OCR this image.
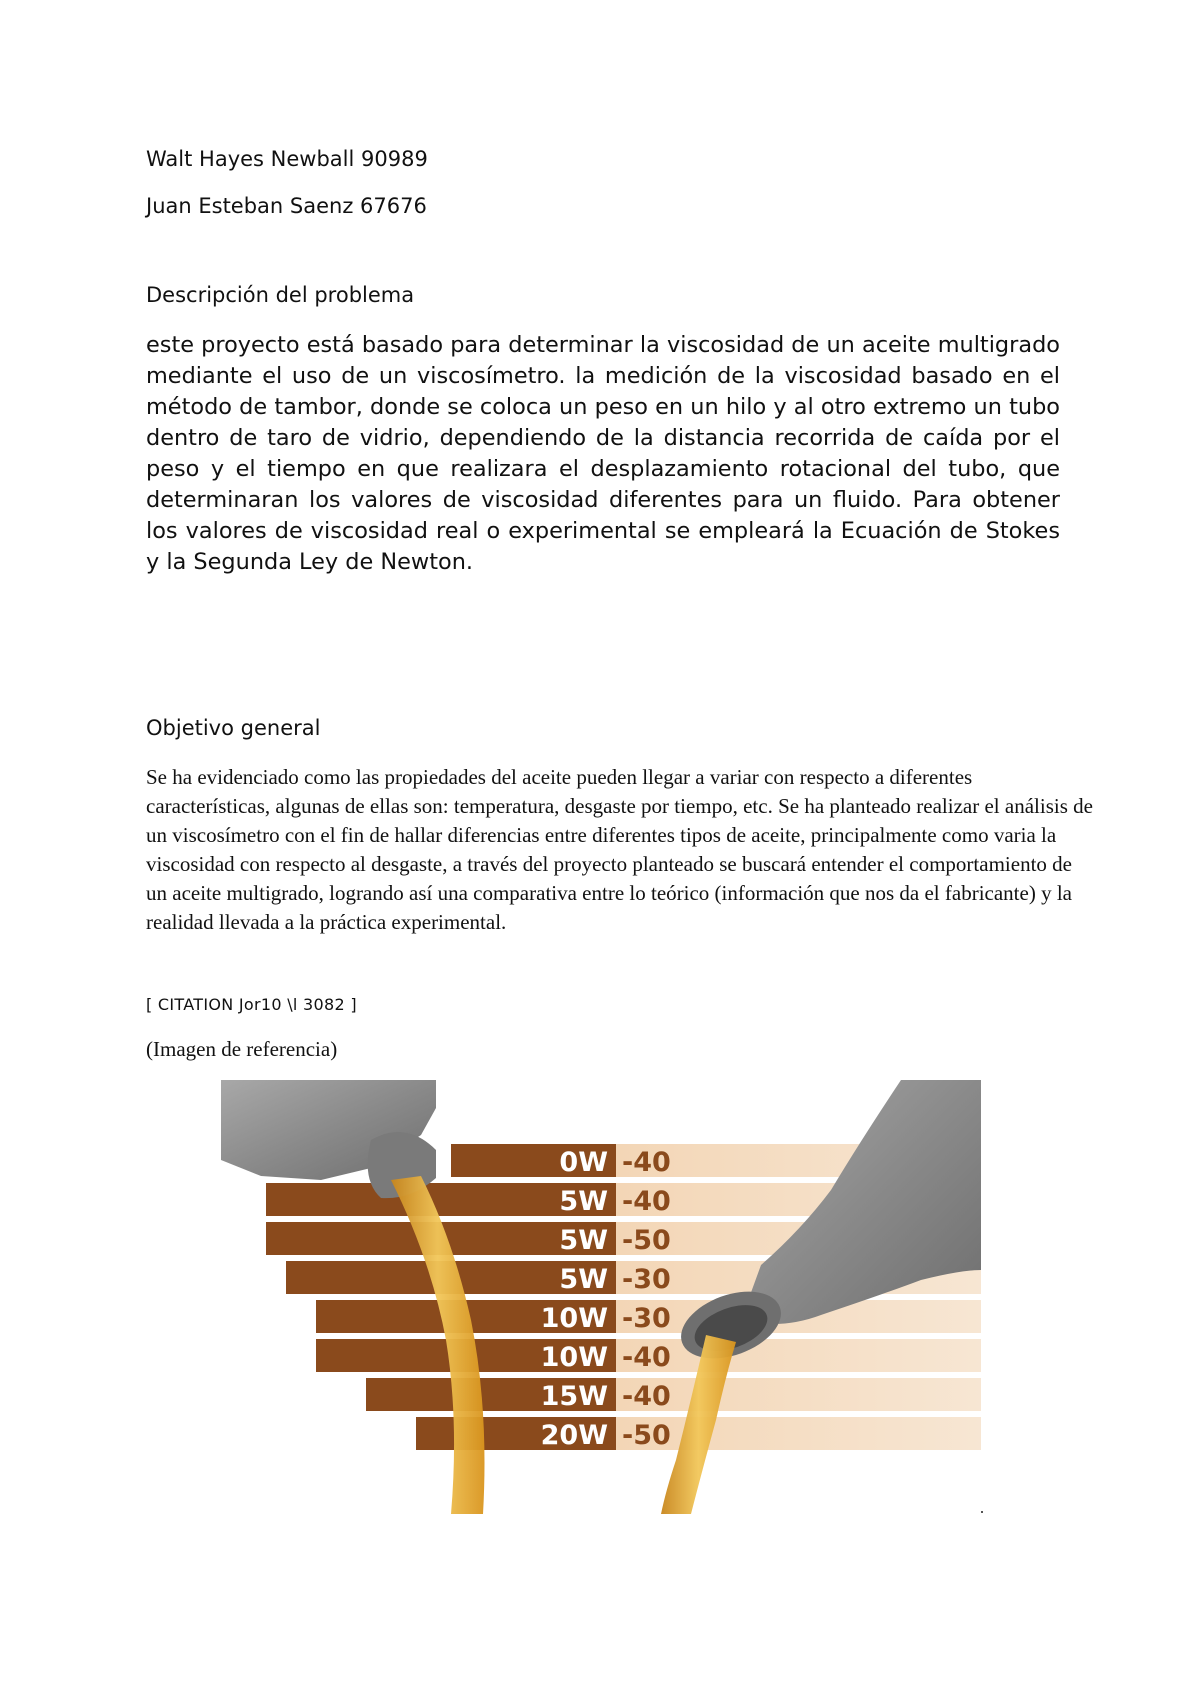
Walt Hayes Newball 90989
Juan Esteban Saenz 67676
Descripción del problema
este proyecto está basado para determinar la viscosidad de un aceite multigrado mediante el uso de un viscosímetro. la medición de la viscosidad basado en el método de tambor, donde se coloca un peso en un hilo y al otro extremo un tubo dentro de taro de vidrio, dependiendo de la distancia recorrida de caída por el peso y el tiempo en que realizara el desplazamiento rotacional del tubo, que determinaran los valores de viscosidad diferentes para un fluido. Para obtener los valores de viscosidad real o experimental se empleará la Ecuación de Stokes y la Segunda Ley de Newton.
Objetivo general
Se ha evidenciado como las propiedades del aceite pueden llegar a variar con respecto a diferentes características, algunas de ellas son: temperatura, desgaste por tiempo, etc. Se ha planteado realizar el análisis de un viscosímetro con el fin de hallar diferencias entre diferentes tipos de aceite, principalmente como varia la viscosidad con respecto al desgaste, a través del proyecto planteado se buscará entender el comportamiento de un aceite multigrado, logrando así una comparativa entre lo teórico (información que nos da el fabricante) y la realidad llevada a la práctica experimental.
[ CITATION Jor10 \l 3082 ]
(Imagen de referencia)
0W -40
5W -40
5W -50
5W -30
10W -30
10W -40
15W -40
20W -50
